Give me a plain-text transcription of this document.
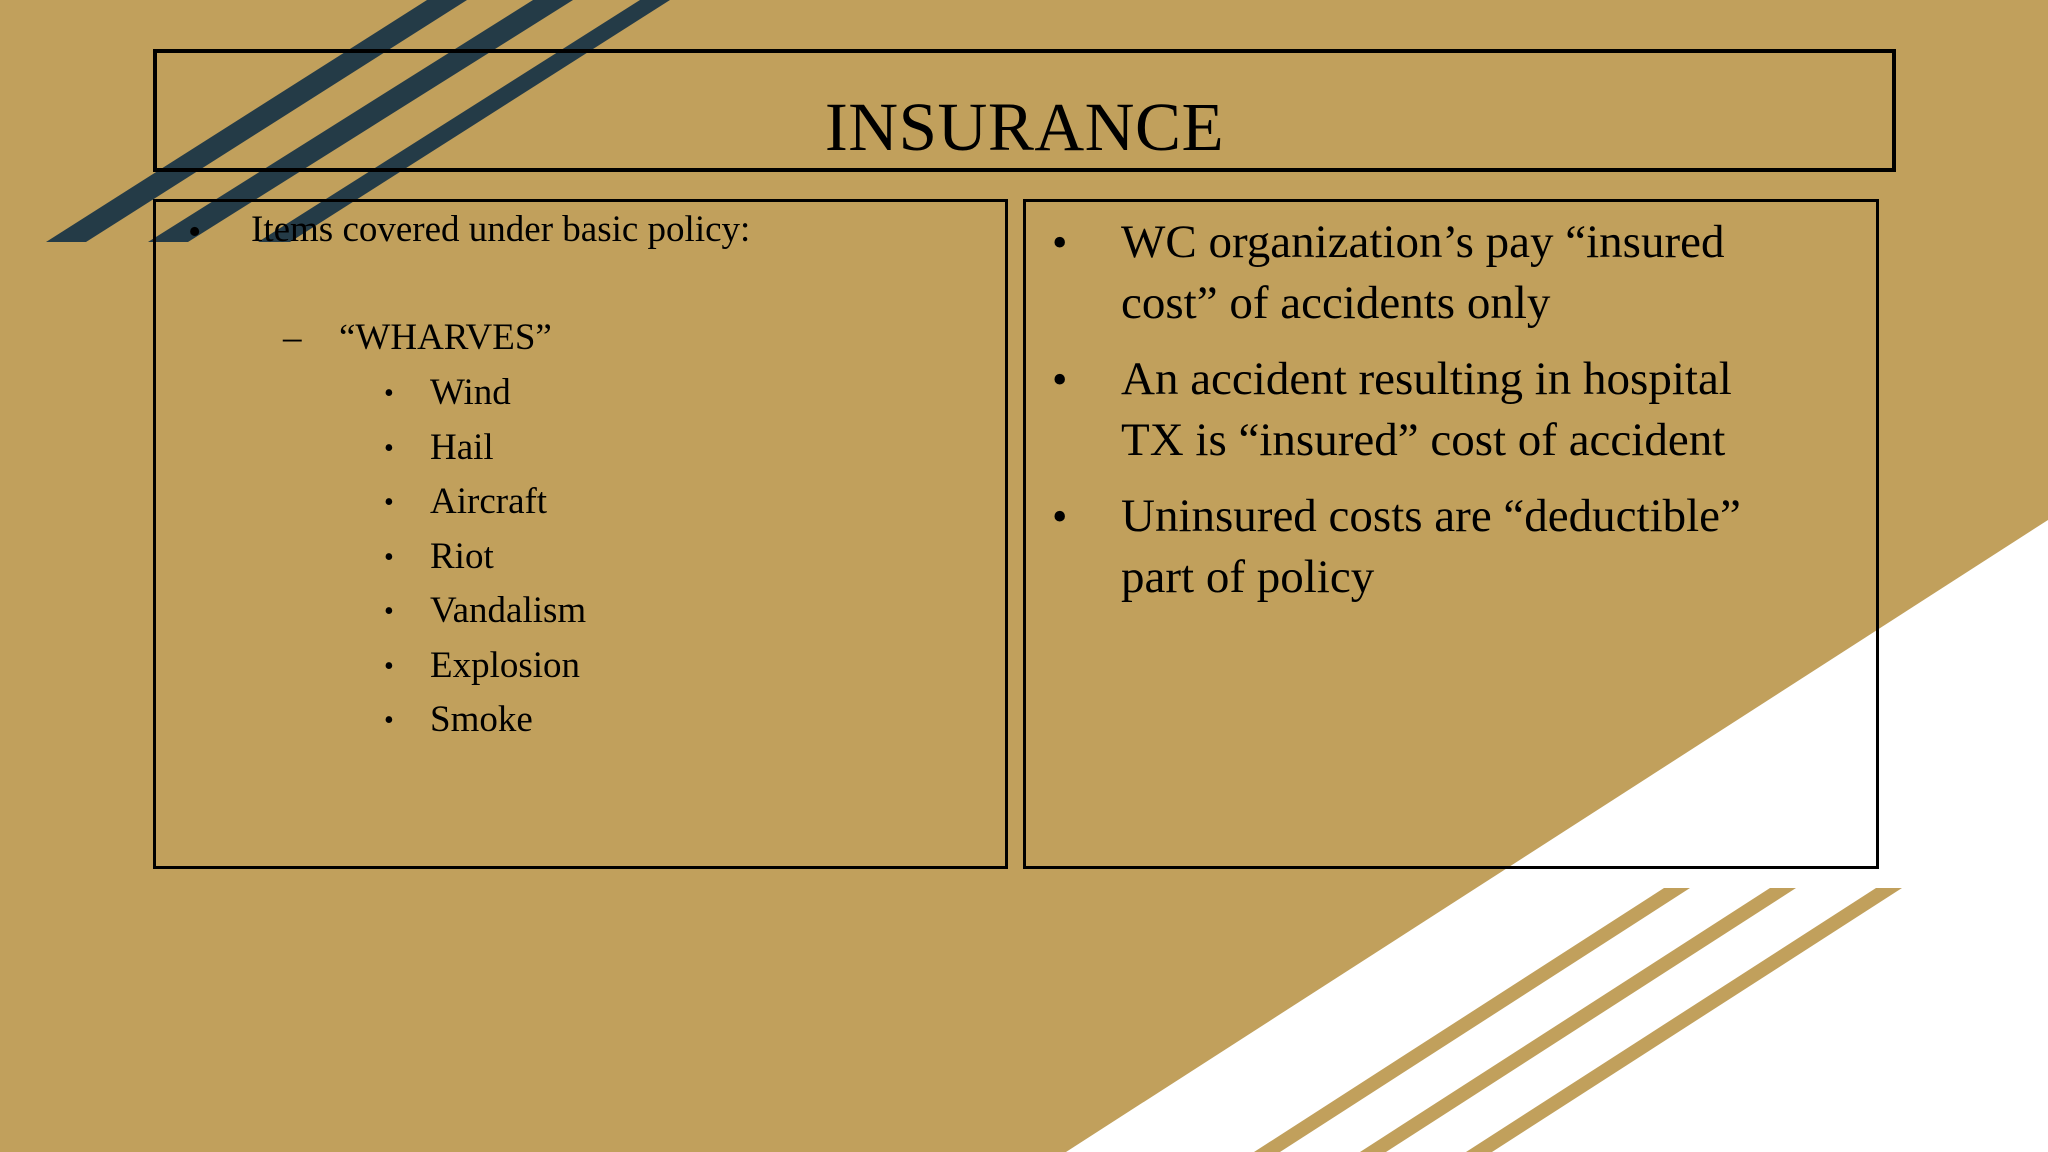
INSURANCE
• Items covered under basic policy:
– “WHARVES”
• Wind
• Hail
• Aircraft
• Riot
• Vandalism
• Explosion
• Smoke
• WC organization’s pay “insured
cost” of accidents only
• An accident resulting in hospital
TX is “insured” cost of accident
• Uninsured costs are “deductible”
part of policy
